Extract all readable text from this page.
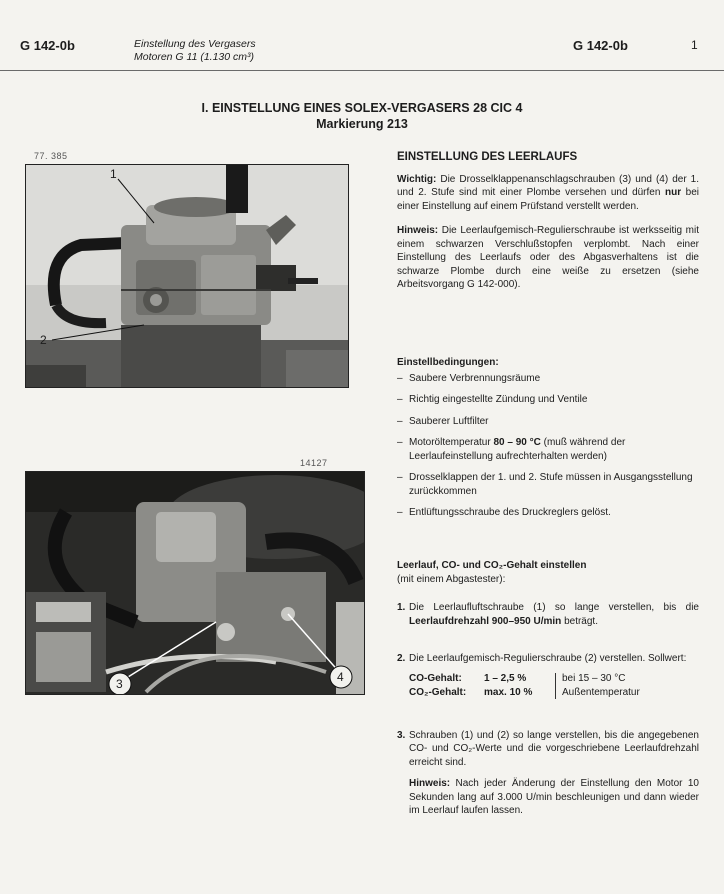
G 142-0b	Einstellung des Vergasers
Motoren G 11 (1.130 cm³)
G 142-0b	1
I. EINSTELLUNG EINES SOLEX-VERGASERS 28 CIC 4
Markierung 213
77. 385
1
2
14127
3	4
EINSTELLUNG DES LEERLAUFS

Wichtig: Die Drosselklappenanschlagschrauben (3) und (4) der 1. und 2. Stufe sind mit einer Plombe versehen und dürfen nur bei einer Einstellung auf einem Prüfstand verstellt werden.

Hinweis: Die Leerlaufgemisch-Regulierschraube ist werksseitig mit einem schwarzen Verschlußstopfen verplombt. Nach einer Einstellung des Leerlaufs oder des Abgasverhaltens ist die schwarze Plombe durch eine weiße zu ersetzen (siehe Arbeitsvorgang G 142-000).

Einstellbedingungen:
– Saubere Verbrennungsräume
– Richtig eingestellte Zündung und Ventile
– Sauberer Luftfilter
– Motoröltemperatur 80 – 90 °C (muß während der Leerlaufeinstellung aufrechterhalten werden)
– Drosselklappen der 1. und 2. Stufe müssen in Ausgangsstellung zurückkommen
– Entlüftungsschraube des Druckreglers gelöst.
Leerlauf, CO- und CO₂-Gehalt einstellen
(mit einem Abgastester):
1. Die Leerlaufluftschraube (1) so lange verstellen, bis die Leerlaufdrehzahl 900–950 U/min beträgt.
2. Die Leerlaufgemisch-Regulierschraube (2) verstellen. Sollwert:
CO-Gehalt: 1 – 2,5 %
CO₂-Gehalt: max. 10 %
bei 15 – 30 °C
Außentemperatur
3. Schrauben (1) und (2) so lange verstellen, bis die angegebenen CO- und CO₂-Werte und die vorgeschriebene Leerlaufdrehzahl erreicht sind.
Hinweis: Nach jeder Änderung der Einstellung den Motor 10 Sekunden lang auf 3.000 U/min beschleunigen und dann wieder im Leerlauf laufen lassen.
